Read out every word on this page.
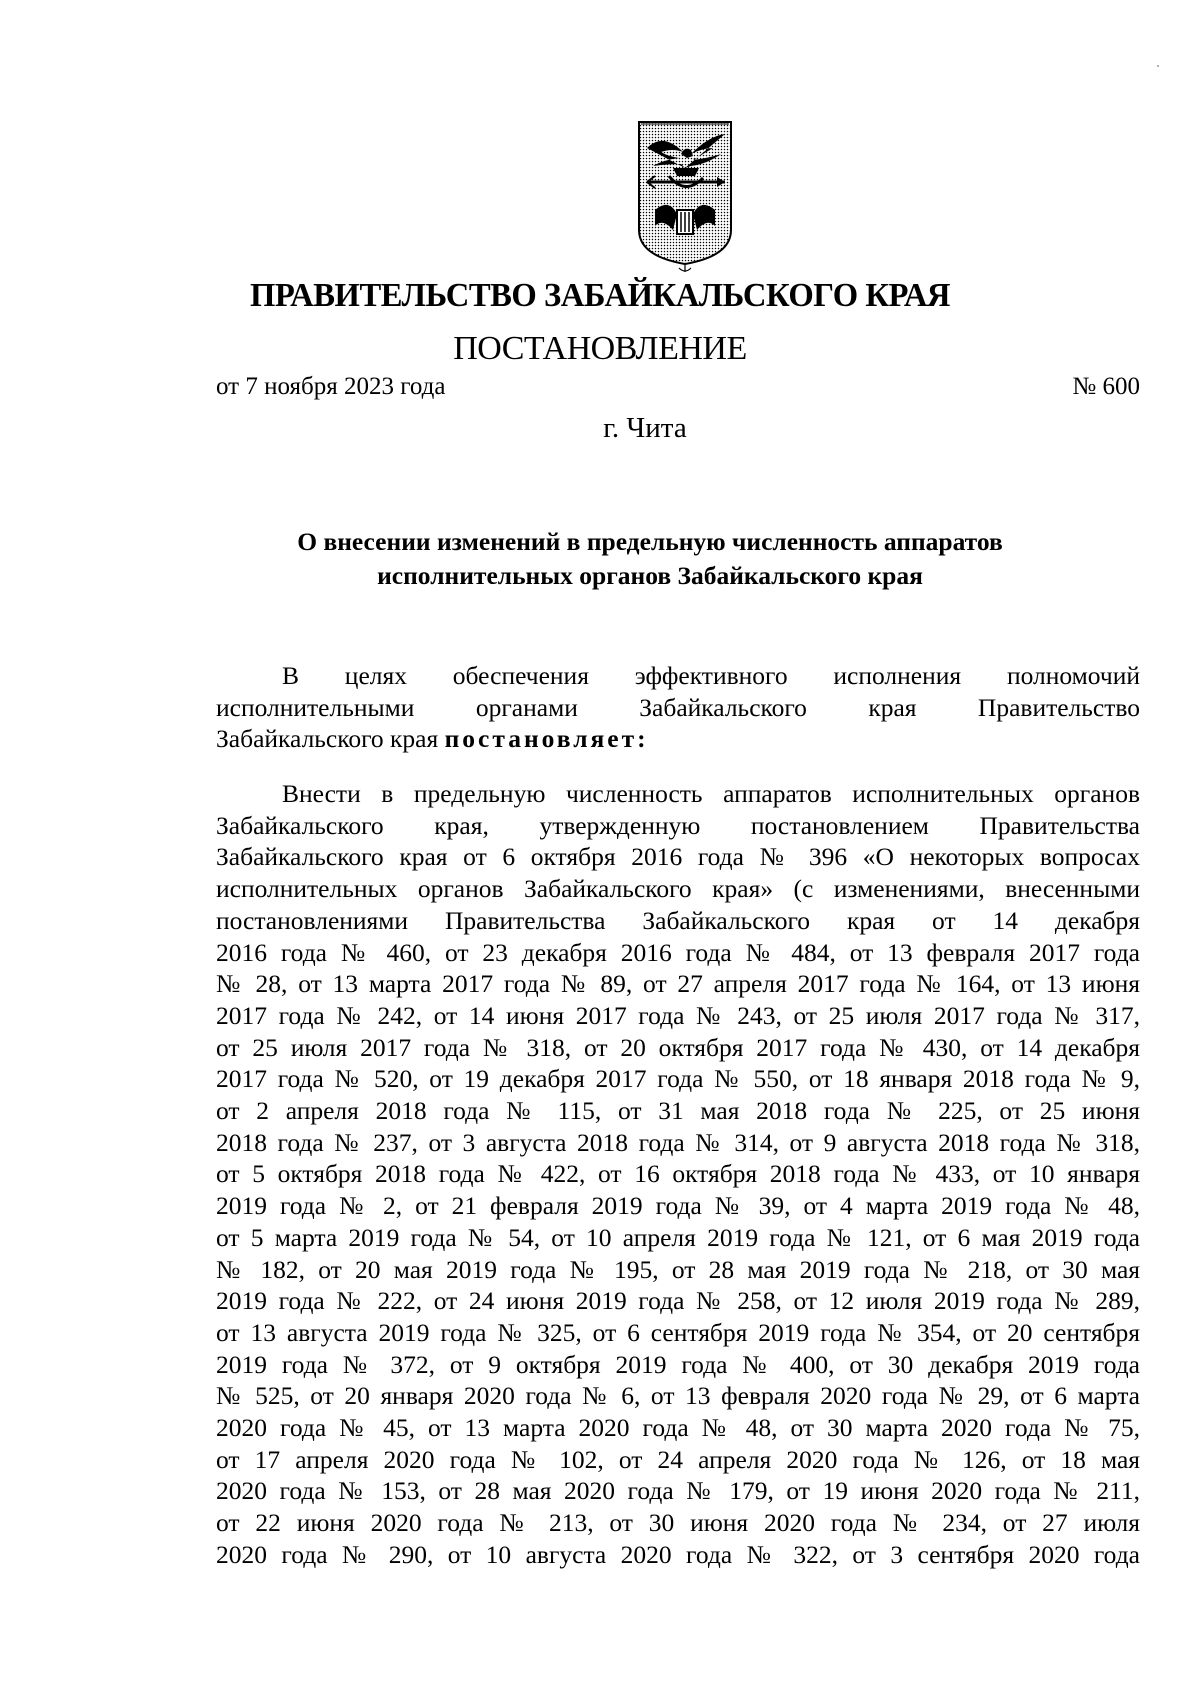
ПРАВИТЕЛЬСТВО ЗАБАЙКАЛЬСКОГО КРАЯ
ПОСТАНОВЛЕНИЕ
от 7 ноября 2023 года	№ 600
г. Чита
О внесении изменений в предельную численность аппаратов
исполнительных органов Забайкальского края
В целях обеспечения эффективного исполнения полномочий
исполнительными органами Забайкальского края Правительство
Забайкальского края постановляет:
Внести в предельную численность аппаратов исполнительных органов
Забайкальского края, утвержденную постановлением Правительства
Забайкальского края от 6 октября 2016 года № 396 «О некоторых вопросах
исполнительных органов Забайкальского края» (с изменениями, внесенными
постановлениями Правительства Забайкальского края от 14 декабря
2016 года № 460, от 23 декабря 2016 года № 484, от 13 февраля 2017 года
№ 28, от 13 марта 2017 года № 89, от 27 апреля 2017 года № 164, от 13 июня
2017 года № 242, от 14 июня 2017 года № 243, от 25 июля 2017 года № 317,
от 25 июля 2017 года № 318, от 20 октября 2017 года № 430, от 14 декабря
2017 года № 520, от 19 декабря 2017 года № 550, от 18 января 2018 года № 9,
от 2 апреля 2018 года № 115, от 31 мая 2018 года № 225, от 25 июня
2018 года № 237, от 3 августа 2018 года № 314, от 9 августа 2018 года № 318,
от 5 октября 2018 года № 422, от 16 октября 2018 года № 433, от 10 января
2019 года № 2, от 21 февраля 2019 года № 39, от 4 марта 2019 года № 48,
от 5 марта 2019 года № 54, от 10 апреля 2019 года № 121, от 6 мая 2019 года
№ 182, от 20 мая 2019 года № 195, от 28 мая 2019 года № 218, от 30 мая
2019 года № 222, от 24 июня 2019 года № 258, от 12 июля 2019 года № 289,
от 13 августа 2019 года № 325, от 6 сентября 2019 года № 354, от 20 сентября
2019 года № 372, от 9 октября 2019 года № 400, от 30 декабря 2019 года
№ 525, от 20 января 2020 года № 6, от 13 февраля 2020 года № 29, от 6 марта
2020 года № 45, от 13 марта 2020 года № 48, от 30 марта 2020 года № 75,
от 17 апреля 2020 года № 102, от 24 апреля 2020 года № 126, от 18 мая
2020 года № 153, от 28 мая 2020 года № 179, от 19 июня 2020 года № 211,
от 22 июня 2020 года № 213, от 30 июня 2020 года № 234, от 27 июля
2020 года № 290, от 10 августа 2020 года № 322, от 3 сентября 2020 года
